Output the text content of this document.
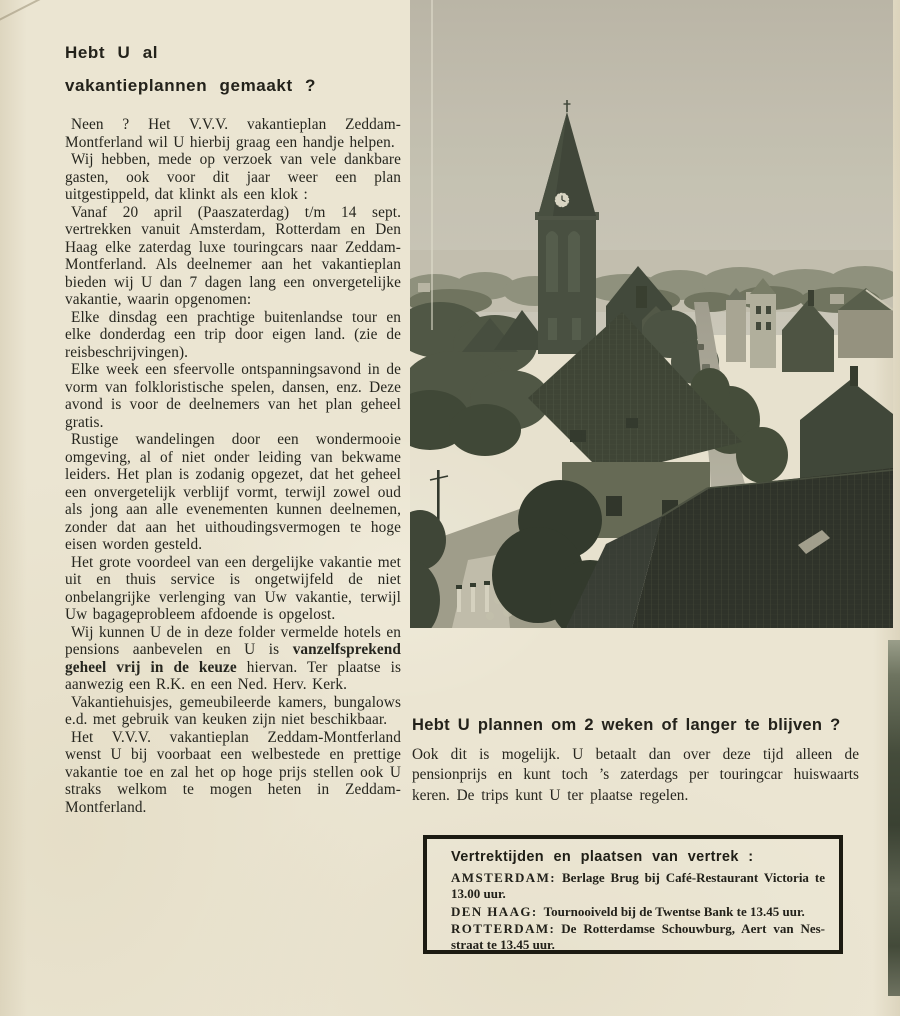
Hebt U al
vakantieplannen gemaakt ?

Neen ? Het V.V.V. vakantieplan Zeddam-Montferland wil U hierbij graag een handje helpen.

Wij hebben, mede op verzoek van vele dankbare gasten, ook voor dit jaar weer een plan uitgestippeld, dat klinkt als een klok :

Vanaf 20 april (Paaszaterdag) t/m 14 sept. vertrekken vanuit Amsterdam, Rotterdam en Den Haag elke zaterdag luxe touringcars naar Zeddam-Montferland. Als deelnemer aan het vakantieplan bieden wij U dan 7 dagen lang een onvergetelijke vakantie, waarin opgenomen:

Elke dinsdag een prachtige buitenlandse tour en elke donderdag een trip door eigen land. (zie de reisbeschrijvingen).

Elke week een sfeervolle ontspanningsavond in de vorm van folkloristische spelen, dansen, enz. Deze avond is voor de deelnemers van het plan geheel gratis.

Rustige wandelingen door een wondermooie omgeving, al of niet onder leiding van bekwame leiders. Het plan is zodanig opgezet, dat het geheel een onvergetelijk verblijf vormt, terwijl zowel oud als jong aan alle evenementen kunnen deelnemen, zonder dat aan het uithoudingsvermogen te hoge eisen worden gesteld.

Het grote voordeel van een dergelijke vakantie met uit en thuis service is ongetwijfeld de niet onbelangrijke verlenging van Uw vakantie, terwijl Uw bagageprobleem afdoende is opgelost.

Wij kunnen U de in deze folder vermelde hotels en pensions aanbevelen en U is vanzelfsprekend geheel vrij in de keuze hiervan. Ter plaatse is aanwezig een R.K. en een Ned. Herv. Kerk.

Vakantiehuisjes, gemeubileerde kamers, bungalows e.d. met gebruik van keuken zijn niet beschikbaar.

Het V.V.V. vakantieplan Zeddam-Montferland wenst U bij voorbaat een welbestede en prettige vakantie toe en zal het op hoge prijs stellen ook U straks welkom te mogen heten in Zeddam-Montferland.

Hebt U plannen om 2 weken of langer te blijven ?

Ook dit is mogelijk. U betaalt dan over deze tijd alleen de pensionprijs en kunt toch ’s zaterdags per touringcar huiswaarts keren. De trips kunt U ter plaatse regelen.

Vertrektijden en plaatsen van vertrek :

AMSTERDAM: Berlage Brug bij Café-Restaurant Victoria te 13.00 uur.

DEN HAAG: Tournooiveld bij de Twentse Bank te 13.45 uur.

ROTTERDAM: De Rotterdamse Schouwburg, Aert van Nes-straat te 13.45 uur.
